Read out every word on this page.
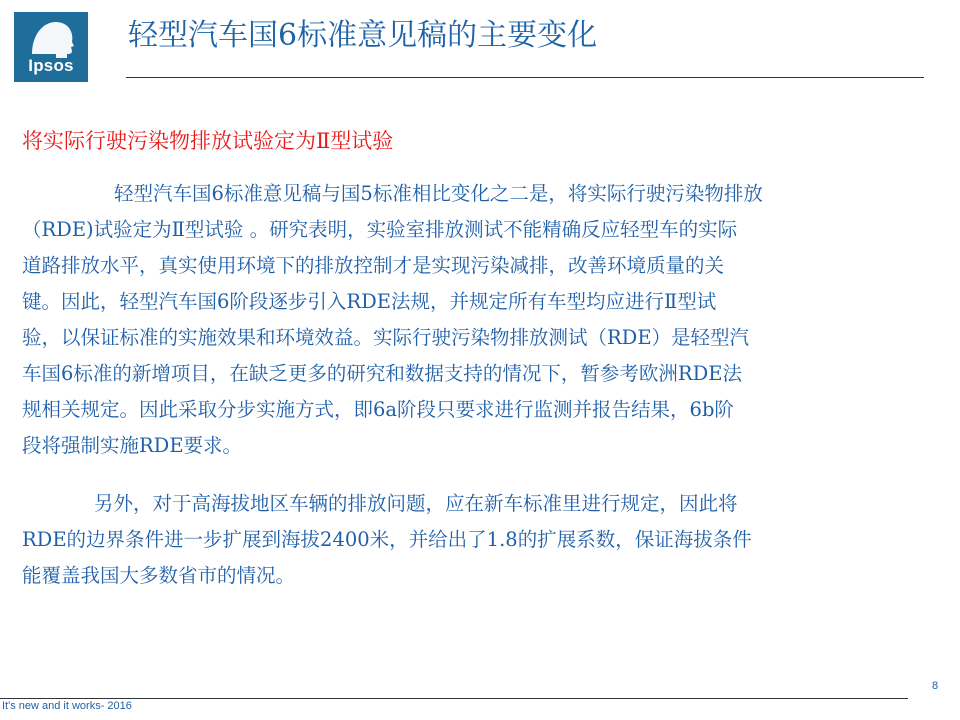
Ipsos
轻型汽车国6标准意见稿的主要变化
将实际行驶污染物排放试验定为Ⅱ型试验
轻型汽车国6标准意见稿与国5标准相比变化之二是，将实际行驶污染物排放
（RDE)试验定为Ⅱ型试验 。研究表明，实验室排放测试不能精确反应轻型车的实际
道路排放水平，真实使用环境下的排放控制才是实现污染减排，改善环境质量的关
键。因此，轻型汽车国6阶段逐步引入RDE法规，并规定所有车型均应进行Ⅱ型试
验，以保证标准的实施效果和环境效益。实际行驶污染物排放测试（RDE）是轻型汽
车国6标准的新增项目，在缺乏更多的研究和数据支持的情况下，暂参考欧洲RDE法
规相关规定。因此采取分步实施方式，即6a阶段只要求进行监测并报告结果，6b阶
段将强制实施RDE要求。
另外，对于高海拔地区车辆的排放问题，应在新车标准里进行规定，因此将
RDE的边界条件进一步扩展到海拔2400米，并给出了1.8的扩展系数，保证海拔条件
能覆盖我国大多数省市的情况。
8
It's new and it works- 2016
